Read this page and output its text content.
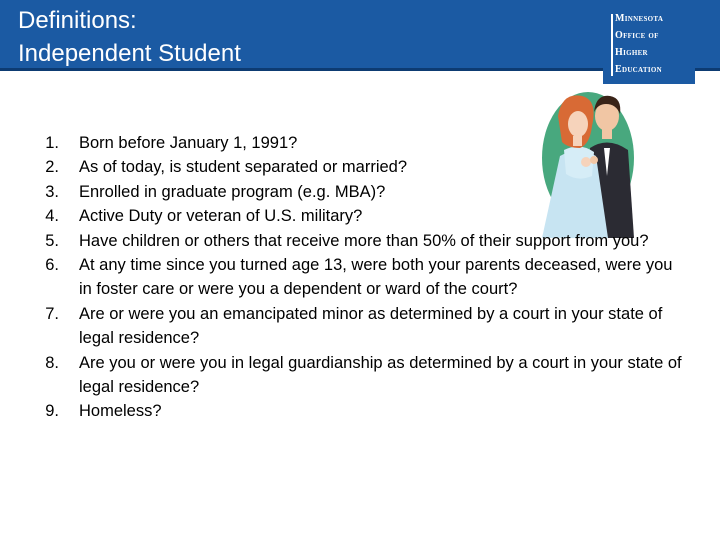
Definitions:
Independent Student
Minnesota
Office of
Higher
Education
1. Born before January 1, 1991?
2. As of today, is student separated or married?
3. Enrolled in graduate program (e.g. MBA)?
4. Active Duty or veteran of U.S. military?
5. Have children or others that receive more than 50% of their support from you?
6. At any time since you turned age 13, were both your parents deceased, were you in foster care or were you a dependent or ward of the court?
7. Are or were you an emancipated minor as determined by a court in your state of legal residence?
8. Are you or were you in legal guardianship as determined by a court in your state of legal residence?
9. Homeless?
